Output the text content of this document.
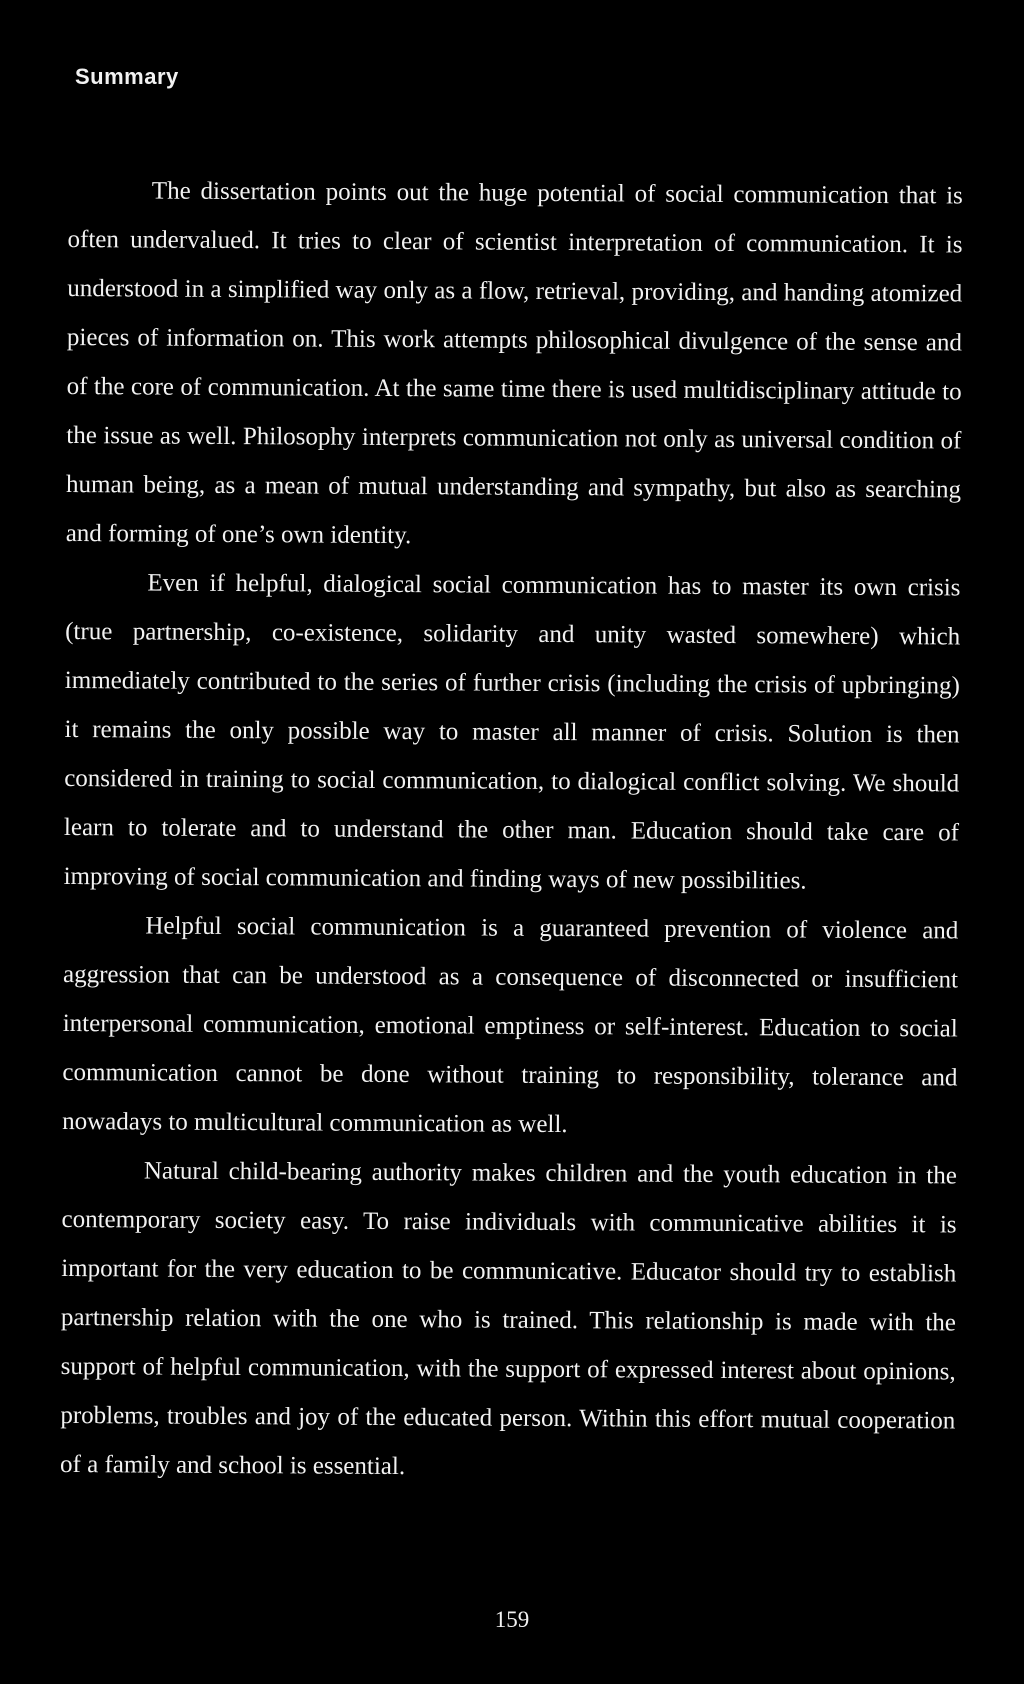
Summary

The dissertation points out the huge potential of social communication that is often undervalued. It tries to clear of scientist interpretation of communication. It is understood in a simplified way only as a flow, retrieval, providing, and handing atomized pieces of information on. This work attempts philosophical divulgence of the sense and of the core of communication. At the same time there is used multidisciplinary attitude to the issue as well. Philosophy interprets communication not only as universal condition of human being, as a mean of mutual understanding and sympathy, but also as searching and forming of one’s own identity.

Even if helpful, dialogical social communication has to master its own crisis (true partnership, co-existence, solidarity and unity wasted somewhere) which immediately contributed to the series of further crisis (including the crisis of upbringing) it remains the only possible way to master all manner of crisis. Solution is then considered in training to social communication, to dialogical conflict solving. We should learn to tolerate and to understand the other man. Education should take care of improving of social communication and finding ways of new possibilities.

Helpful social communication is a guaranteed prevention of violence and aggression that can be understood as a consequence of disconnected or insufficient interpersonal communication, emotional emptiness or self-interest. Education to social communication cannot be done without training to responsibility, tolerance and nowadays to multicultural communication as well.

Natural child-bearing authority makes children and the youth education in the contemporary society easy. To raise individuals with communicative abilities it is important for the very education to be communicative. Educator should try to establish partnership relation with the one who is trained. This relationship is made with the support of helpful communication, with the support of expressed interest about opinions, problems, troubles and joy of the educated person. Within this effort mutual cooperation of a family and school is essential.

159
